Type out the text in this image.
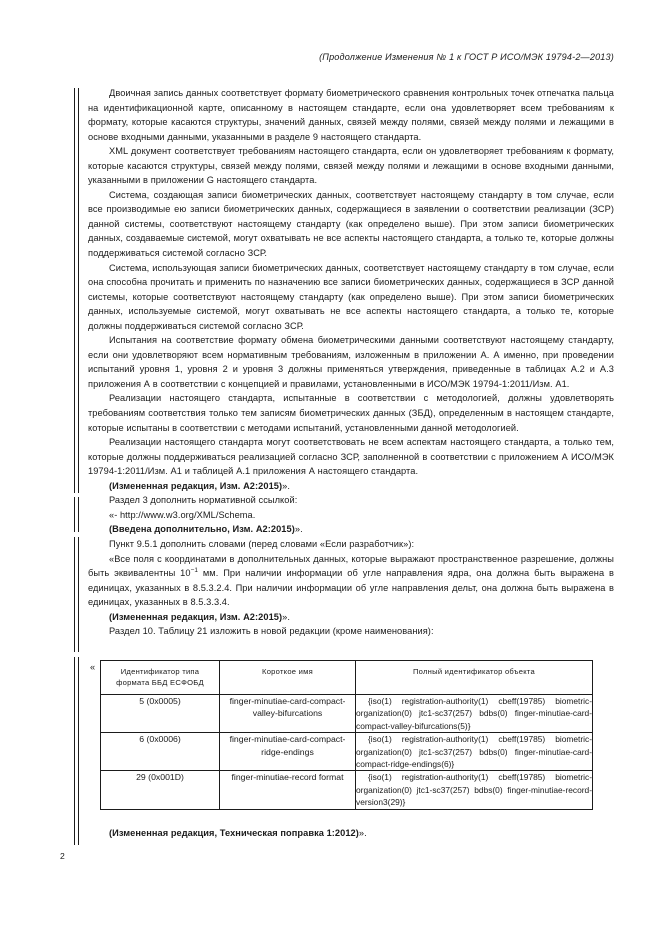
(Продолжение Изменения № 1 к ГОСТ Р ИСО/МЭК 19794-2—2013)

Двоичная запись данных соответствует формату биометрического сравнения контрольных точек отпечатка пальца на идентификационной карте, описанному в настоящем стандарте, если она удовлетворяет всем требованиям к формату, которые касаются структуры, значений данных, связей между полями, связей между полями и лежащими в основе входными данными, указанными в разделе 9 настоящего стандарта.

XML документ соответствует требованиям настоящего стандарта, если он удовлетворяет требованиям к формату, которые касаются структуры, связей между полями, связей между полями и лежащими в основе входными данными, указанными в приложении G настоящего стандарта.

Система, создающая записи биометрических данных, соответствует настоящему стандарту в том случае, если все производимые ею записи биометрических данных, содержащиеся в заявлении о соответствии реализации (ЗСР) данной системы, соответствуют настоящему стандарту (как определено выше). При этом записи биометрических данных, создаваемые системой, могут охватывать не все аспекты настоящего стандарта, а только те, которые должны поддерживаться системой согласно ЗСР.

Система, использующая записи биометрических данных, соответствует настоящему стандарту в том случае, если она способна прочитать и применить по назначению все записи биометрических данных, содержащиеся в ЗСР данной системы, которые соответствуют настоящему стандарту (как определено выше). При этом записи биометрических данных, используемые системой, могут охватывать не все аспекты настоящего стандарта, а только те, которые должны поддерживаться системой согласно ЗСР.

Испытания на соответствие формату обмена биометрическими данными соответствуют настоящему стандарту, если они удовлетворяют всем нормативным требованиям, изложенным в приложении А. А именно, при проведении испытаний уровня 1, уровня 2 и уровня 3 должны применяться утверждения, приведенные в таблицах А.2 и А.3 приложения А в соответствии с концепцией и правилами, установленными в ИСО/МЭК 19794-1:2011/Изм. А1.

Реализации настоящего стандарта, испытанные в соответствии с методологией, должны удовлетворять требованиям соответствия только тем записям биометрических данных (ЗБД), определенным в настоящем стандарте, которые испытаны в соответствии с методами испытаний, установленными данной методологией.

Реализации настоящего стандарта могут соответствовать не всем аспектам настоящего стандарта, а только тем, которые должны поддерживаться реализацией согласно ЗСР, заполненной в соответствии с приложением А ИСО/МЭК 19794-1:2011/Изм. А1 и таблицей А.1 приложения А настоящего стандарта.

(Измененная редакция, Изм. А2:2015)».

Раздел 3 дополнить нормативной ссылкой:

«- http://www.w3.org/XML/Schema.

(Введена дополнительно, Изм. А2:2015)».

Пункт 9.5.1 дополнить словами (перед словами «Если разработчик»):

«Все поля с координатами в дополнительных данных, которые выражают пространственное разрешение, должны быть эквивалентны $10^{-1}$ мм. При наличии информации об угле направления ядра, она должна быть выражена в единицах, указанных в 8.5.3.2.4. При наличии информации об угле направления дельт, она должна быть выражена в единицах, указанных в 8.5.3.3.4.

(Измененная редакция, Изм. А2:2015)».

Раздел 10. Таблицу 21 изложить в новой редакции (кроме наименования):

«	Идентификатор типа
формата ББД ЕСФОБД	Короткое имя	Полный идентификатор объекта
5 (0x0005)	finger-minutiae-card-compact-valley-bifurcations	{iso(1) registration-authority(1) cbeff(19785) biometric-organization(0) jtc1-sc37(257) bdbs(0) finger-minutiae-card-compact-valley-bifurcations(5)}
6 (0x0006)	finger-minutiae-card-compact-ridge-endings	{iso(1) registration-authority(1) cbeff(19785) biometric-organization(0) jtc1-sc37(257) bdbs(0) finger-minutiae-card-compact-ridge-endings(6)}
29 (0x001D)	finger-minutiae-record format	{iso(1) registration-authority(1) cbeff(19785) biometric-organization(0) jtc1-sc37(257) bdbs(0) finger-minutiae-record-version3(29)}
(Измененная редакция, Техническая поправка 1:2012)».
2
